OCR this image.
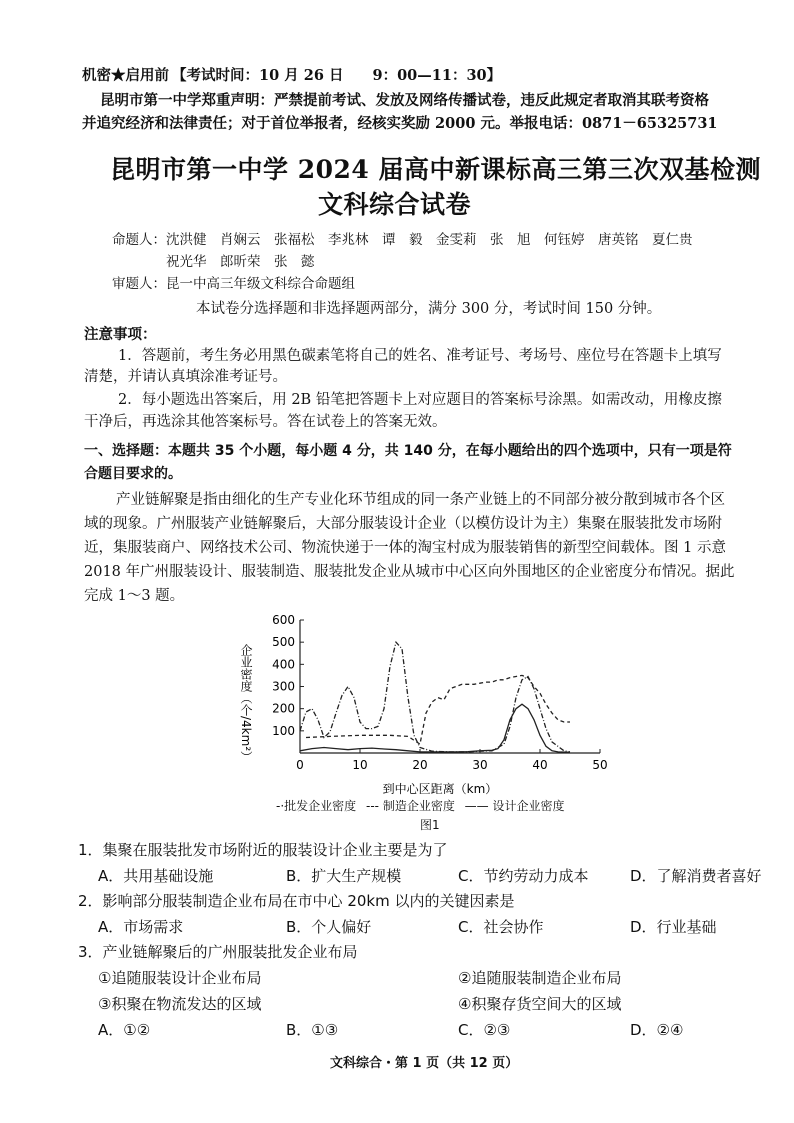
机密★启用前 【考试时间：10 月 26 日　　9：00—11：30】
昆明市第一中学郑重声明：严禁提前考试、发放及网络传播试卷，违反此规定者取消其联考资格
并追究经济和法律责任；对于首位举报者，经核实奖励 2000 元。举报电话：0871－65325731
昆明市第一中学 2024 届高中新课标高三第三次双基检测
文科综合试卷
命题人：沈洪健　肖娴云　张福松　李兆林　谭　毅　金雯莉　张　旭　何钰婷　唐英铭　夏仁贵
　　　　祝光华　郎昕荣　张　懿
审题人：昆一中高三年级文科综合命题组
本试卷分选择题和非选择题两部分，满分 300 分，考试时间 150 分钟。
注意事项：
1．答题前，考生务必用黑色碳素笔将自己的姓名、准考证号、考场号、座位号在答题卡上填写
清楚，并请认真填涂准考证号。
2．每小题选出答案后，用 2B 铅笔把答题卡上对应题目的答案标号涂黑。如需改动，用橡皮擦
干净后，再选涂其他答案标号。答在试卷上的答案无效。
一、选择题：本题共 35 个小题，每小题 4 分，共 140 分，在每小题给出的四个选项中，只有一项是符
合题目要求的。
产业链解聚是指由细化的生产专业化环节组成的同一条产业链上的不同部分被分散到城市各个区
域的现象。广州服装产业链解聚后，大部分服装设计企业（以模仿设计为主）集聚在服装批发市场附
近，集服装商户、网络技术公司、物流快递于一体的淘宝村成为服装销售的新型空间载体。图 1 示意
2018 年广州服装设计、服装制造、服装批发企业从城市中心区向外围地区的企业密度分布情况。据此
完成 1～3 题。
100
200
300
400
500
600
0	10	20	30	40	50
企业密度（个/4km²）
到中心区距离（km）
-·批发企业密度 --- 制造企业密度 —— 设计企业密度
图1
1．集聚在服装批发市场附近的服装设计企业主要是为了
A．共用基础设施	B．扩大生产规模	C．节约劳动力成本	D．了解消费者喜好
2．影响部分服装制造企业布局在市中心 20km 以内的关键因素是
A．市场需求	B．个人偏好	C．社会协作	D．行业基础
3．产业链解聚后的广州服装批发企业布局
①追随服装设计企业布局	②追随服装制造企业布局
③积聚在物流发达的区域	④积聚存货空间大的区域
A．①②	B．①③	C．②③	D．②④
文科综合・第 1 页（共 12 页）
